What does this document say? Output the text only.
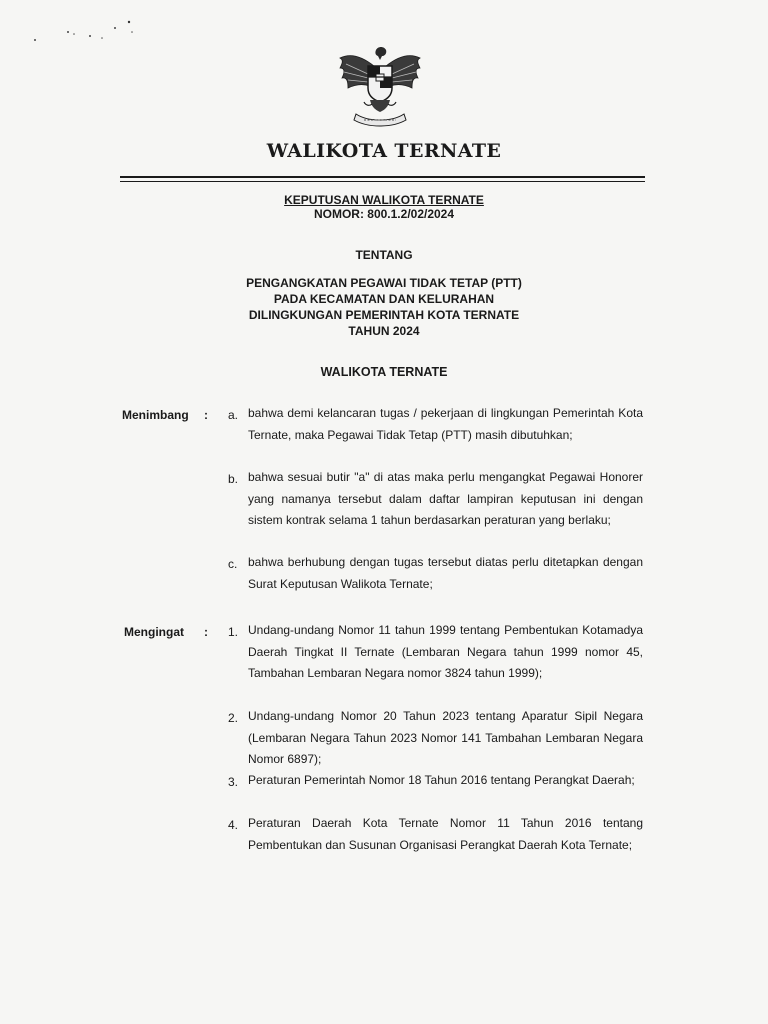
WALIKOTA TERNATE
KEPUTUSAN WALIKOTA TERNATE
NOMOR: 800.1.2/02/2024
TENTANG
PENGANGKATAN PEGAWAI TIDAK TETAP (PTT)
PADA KECAMATAN DAN KELURAHAN
DILINGKUNGAN PEMERINTAH KOTA TERNATE
TAHUN 2024
WALIKOTA TERNATE
Menimbang : a. bahwa demi kelancaran tugas / pekerjaan di lingkungan Pemerintah Kota Ternate, maka Pegawai Tidak Tetap (PTT) masih dibutuhkan;
b. bahwa sesuai butir "a" di atas maka perlu mengangkat Pegawai Honorer yang namanya tersebut dalam daftar lampiran keputusan ini dengan sistem kontrak selama 1 tahun berdasarkan peraturan yang berlaku;
c. bahwa berhubung dengan tugas tersebut diatas perlu ditetapkan dengan Surat Keputusan Walikota Ternate;
Mengingat : 1. Undang-undang Nomor 11 tahun 1999 tentang Pembentukan Kotamadya Daerah Tingkat II Ternate (Lembaran Negara tahun 1999 nomor 45, Tambahan Lembaran Negara nomor 3824 tahun 1999);
2. Undang-undang Nomor 20 Tahun 2023 tentang Aparatur Sipil Negara (Lembaran Negara Tahun 2023 Nomor 141 Tambahan Lembaran Negara Nomor 6897);
3. Peraturan Pemerintah Nomor 18 Tahun 2016 tentang Perangkat Daerah;
4. Peraturan Daerah Kota Ternate Nomor 11 Tahun 2016 tentang Pembentukan dan Susunan Organisasi Perangkat Daerah Kota Ternate;
